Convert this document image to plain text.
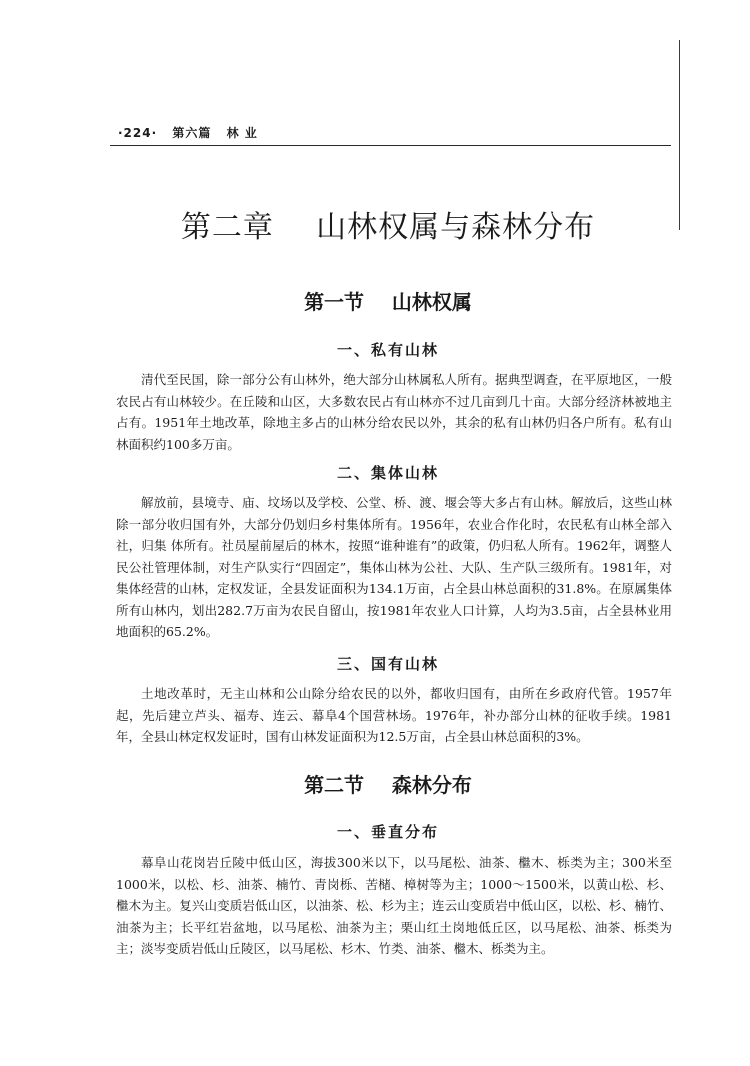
·224· 第六篇 林 业
第二章    山林权属与森林分布
第一节    山林权属
一、私有山林
清代至民国，除一部分公有山林外，绝大部分山林属私人所有。据典型调查，在平原地区，一般农民占有山林较少。在丘陵和山区，大多数农民占有山林亦不过几亩到几十亩。大部分经济林被地主占有。1951年土地改革，除地主多占的山林分给农民以外，其余的私有山林仍归各户所有。私有山林面积约100多万亩。
二、集体山林
解放前，县境寺、庙、坟场以及学校、公堂、桥、渡、堰会等大多占有山林。解放后，这些山林除一部分收归国有外，大部分仍划归乡村集体所有。1956年，农业合作化时，农民私有山林全部入社，归集 体所有。社员屋前屋后的林木，按照“谁种谁有”的政策，仍归私人所有。1962年，调整人民公社管理体制，对生产队实行“四固定”，集体山林为公社、大队、生产队三级所有。1981年，对集体经营的山林，定权发证，全县发证面积为134.1万亩，占全县山林总面积的31.8%。在原属集体所有山林内，划出282.7万亩为农民自留山，按1981年农业人口计算，人均为3.5亩，占全县林业用地面积的65.2%。
三、国有山林
土地改革时，无主山林和公山除分给农民的以外，都收归国有，由所在乡政府代管。1957年起，先后建立芦头、福寿、连云、幕阜4个国营林场。1976年，补办部分山林的征收手续。1981年，全县山林定权发证时，国有山林发证面积为12.5万亩，占全县山林总面积的3%。
第二节    森林分布
一、垂直分布
幕阜山花岗岩丘陵中低山区，海拔300米以下，以马尾松、油茶、檵木、栎类为主；300米至1000米，以松、杉、油茶、楠竹、青岗栎、苦槠、樟树等为主；1000～1500米，以黄山松、杉、檵木为主。复兴山变质岩低山区，以油茶、松、杉为主；连云山变质岩中低山区，以松、杉、楠竹、油茶为主；长平红岩盆地，以马尾松、油茶为主；栗山红土岗地低丘区，以马尾松、油茶、栎类为主；淡岑变质岩低山丘陵区，以马尾松、杉木、竹类、油茶、檵木、栎类为主。
